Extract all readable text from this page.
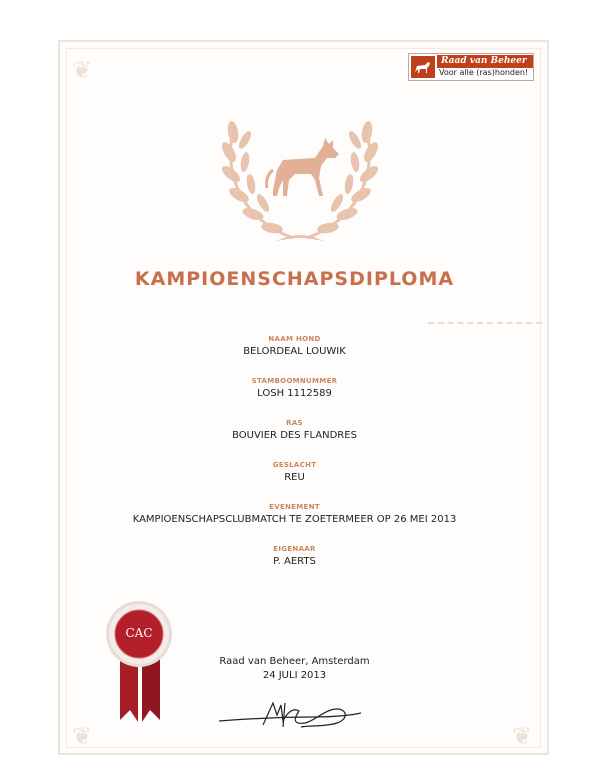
❦
❦	❦
Raad van Beheer
Voor alle (ras)honden!
KAMPIOENSCHAPSDIPLOMA
NAAM HOND
BELORDEAL LOUWIK
STAMBOOMNUMMER
LOSH 1112589
RAS
BOUVIER DES FLANDRES
GESLACHT
REU
EVENEMENT
KAMPIOENSCHAPSCLUBMATCH TE ZOETERMEER OP 26 MEI 2013
EIGENAAR
P. AERTS
CAC
Raad van Beheer, Amsterdam
24 JULI 2013
